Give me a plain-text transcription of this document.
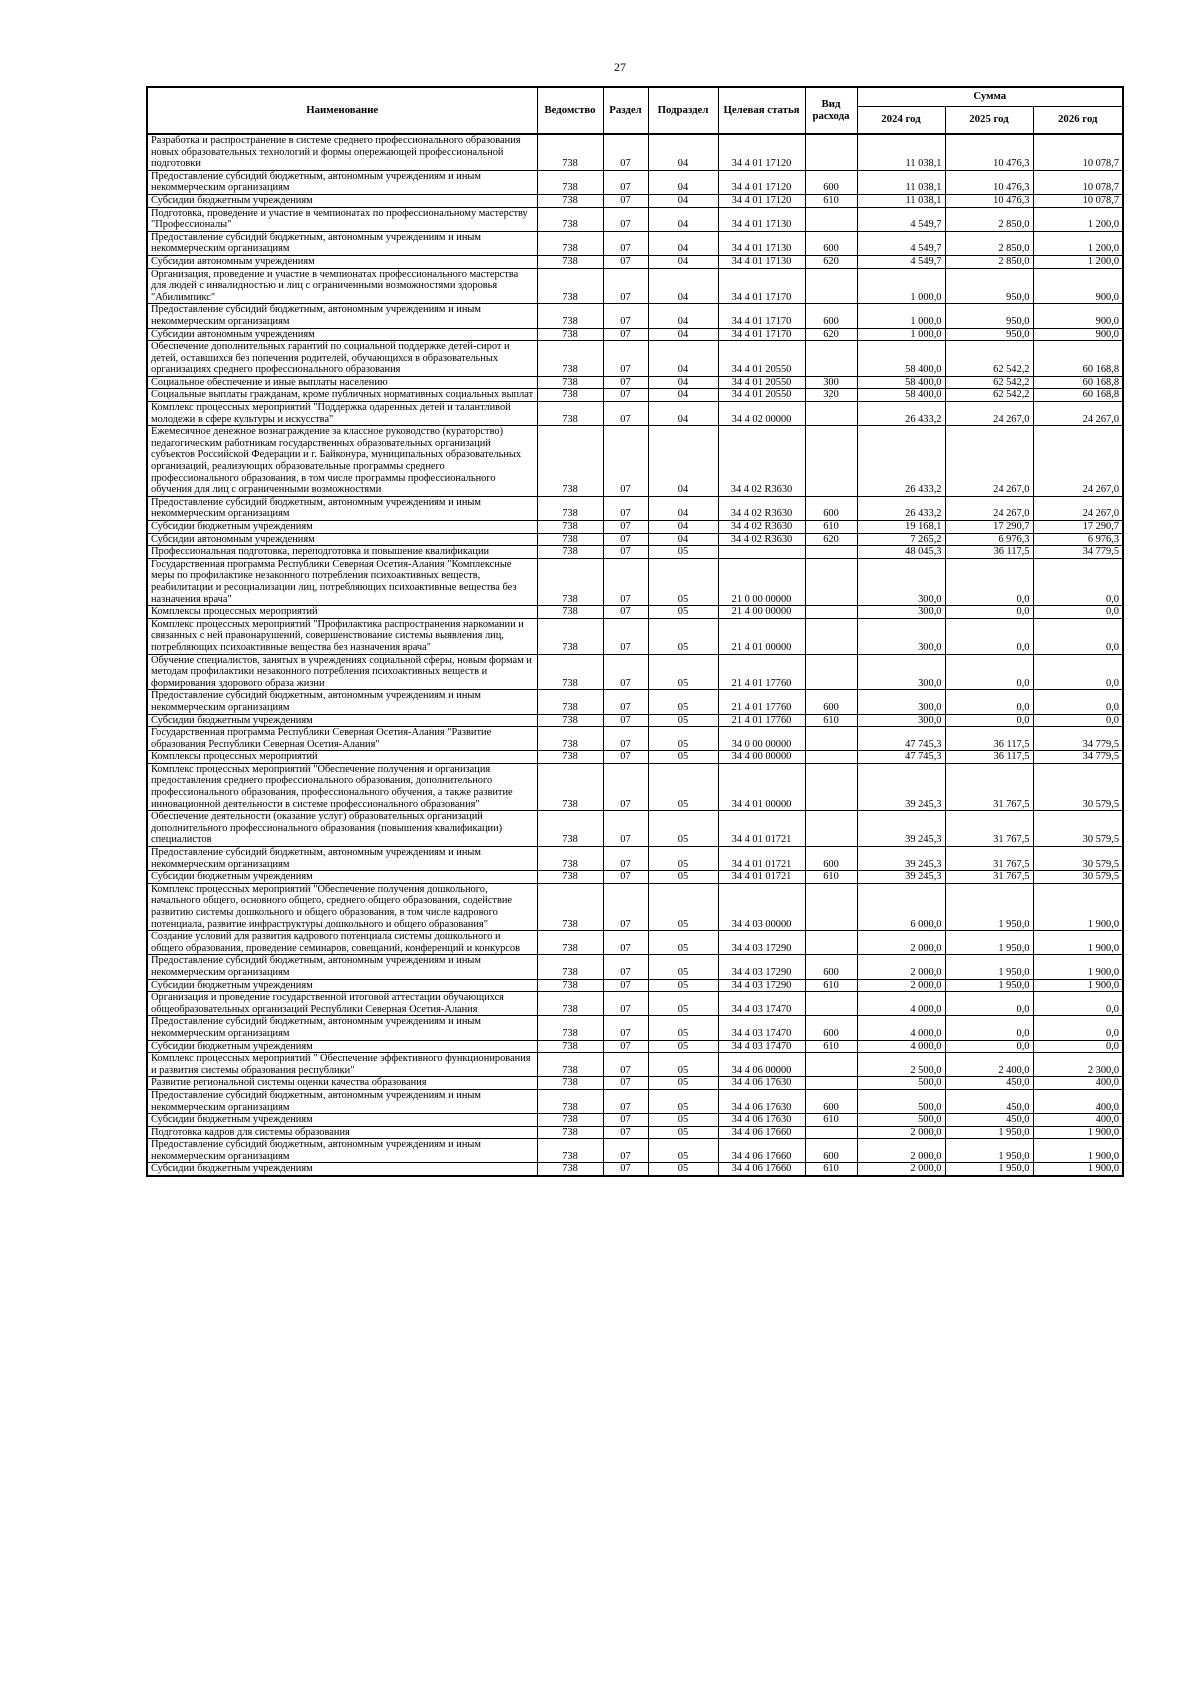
27
Наименование	Ведомство	Раздел	Подраздел	Целевая статья	Вид расхода	Сумма		
						2024 год	2025 год	2026 год
Разработка и распространение в системе среднего профессионального образования новых образовательных технологий и формы опережающей профессиональной подготовки	738	07	04	34 4 01 17120		11 038,1	10 476,3	10 078,7
Предоставление субсидий бюджетным, автономным учреждениям и иным некоммерческим организациям	738	07	04	34 4 01 17120	600	11 038,1	10 476,3	10 078,7
Субсидии бюджетным учреждениям	738	07	04	34 4 01 17120	610	11 038,1	10 476,3	10 078,7
Подготовка, проведение и участие в чемпионатах по профессиональному мастерству "Профессионалы"	738	07	04	34 4 01 17130		4 549,7	2 850,0	1 200,0
Предоставление субсидий бюджетным, автономным учреждениям и иным некоммерческим организациям	738	07	04	34 4 01 17130	600	4 549,7	2 850,0	1 200,0
Субсидии автономным учреждениям	738	07	04	34 4 01 17130	620	4 549,7	2 850,0	1 200,0
Организация, проведение и участие в чемпионатах профессионального мастерства для людей с инвалидностью и лиц с ограниченными возможностями здоровья "Абилимпикс"	738	07	04	34 4 01 17170		1 000,0	950,0	900,0
Предоставление субсидий бюджетным, автономным учреждениям и иным некоммерческим организациям	738	07	04	34 4 01 17170	600	1 000,0	950,0	900,0
Субсидии автономным учреждениям	738	07	04	34 4 01 17170	620	1 000,0	950,0	900,0
Обеспечение дополнительных гарантий по социальной поддержке детей-сирот и детей, оставшихся без попечения родителей, обучающихся в образовательных организациях среднего профессионального образования	738	07	04	34 4 01 20550		58 400,0	62 542,2	60 168,8
Социальное обеспечение и иные выплаты населению	738	07	04	34 4 01 20550	300	58 400,0	62 542,2	60 168,8
Социальные выплаты гражданам, кроме публичных нормативных социальных выплат	738	07	04	34 4 01 20550	320	58 400,0	62 542,2	60 168,8
Комплекс процессных мероприятий "Поддержка одаренных детей и талантливой молодежи в сфере культуры и искусства"	738	07	04	34 4 02 00000		26 433,2	24 267,0	24 267,0
Ежемесячное денежное вознаграждение за классное руководство (кураторство) педагогическим работникам государственных образовательных организаций субъектов Российской Федерации и г. Байконура, муниципальных образовательных организаций, реализующих образовательные программы среднего профессионального образования, в том числе программы профессионального обучения для лиц с ограниченными возможностями	738	07	04	34 4 02 R3630		26 433,2	24 267,0	24 267,0
Предоставление субсидий бюджетным, автономным учреждениям и иным некоммерческим организациям	738	07	04	34 4 02 R3630	600	26 433,2	24 267,0	24 267,0
Субсидии бюджетным учреждениям	738	07	04	34 4 02 R3630	610	19 168,1	17 290,7	17 290,7
Субсидии автономным учреждениям	738	07	04	34 4 02 R3630	620	7 265,2	6 976,3	6 976,3
Профессиональная подготовка, переподготовка и повышение квалификации	738	07	05			48 045,3	36 117,5	34 779,5
Государственная программа Республики Северная Осетия-Алания "Комплексные меры по профилактике незаконного потребления психоактивных веществ, реабилитации и ресоциализации лиц, потребляющих психоактивные вещества без назначения врача"	738	07	05	21 0 00 00000		300,0	0,0	0,0
Комплексы процессных мероприятий	738	07	05	21 4 00 00000		300,0	0,0	0,0
Комплекс процессных мероприятий "Профилактика распространения наркомании и связанных с ней правонарушений, совершенствование системы выявления лиц, потребляющих психоактивные вещества без назначения врача"	738	07	05	21 4 01 00000		300,0	0,0	0,0
Обучение специалистов, занятых в учреждениях социальной сферы, новым формам и методам профилактики незаконного потребления психоактивных веществ и формирования здорового образа жизни	738	07	05	21 4 01 17760		300,0	0,0	0,0
Предоставление субсидий бюджетным, автономным учреждениям и иным некоммерческим организациям	738	07	05	21 4 01 17760	600	300,0	0,0	0,0
Субсидии бюджетным учреждениям	738	07	05	21 4 01 17760	610	300,0	0,0	0,0
Государственная программа Республики Северная Осетия-Алания "Развитие образования Республики Северная Осетия-Алания"	738	07	05	34 0 00 00000		47 745,3	36 117,5	34 779,5
Комплексы процессных мероприятий	738	07	05	34 4 00 00000		47 745,3	36 117,5	34 779,5
Комплекс процессных мероприятий "Обеспечение получения и организация предоставления среднего профессионального образования, дополнительного профессионального образования, профессионального обучения, а также развитие инновационной деятельности в системе профессионального образования"	738	07	05	34 4 01 00000		39 245,3	31 767,5	30 579,5
Обеспечение деятельности (оказание услуг) образовательных организаций дополнительного профессионального образования (повышения квалификации) специалистов	738	07	05	34 4 01 01721		39 245,3	31 767,5	30 579,5
Предоставление субсидий бюджетным, автономным учреждениям и иным некоммерческим организациям	738	07	05	34 4 01 01721	600	39 245,3	31 767,5	30 579,5
Субсидии бюджетным учреждениям	738	07	05	34 4 01 01721	610	39 245,3	31 767,5	30 579,5
Комплекс процессных мероприятий "Обеспечение получения дошкольного, начального общего, основного общего, среднего общего образования, содействие развитию системы дошкольного и общего образования, в том числе кадрового потенциала, развитие инфраструктуры дошкольного и общего образования"	738	07	05	34 4 03 00000		6 000,0	1 950,0	1 900,0
Создание условий для развития кадрового потенциала системы дошкольного и общего образования, проведение семинаров, совещаний, конференций и конкурсов	738	07	05	34 4 03 17290		2 000,0	1 950,0	1 900,0
Предоставление субсидий бюджетным, автономным учреждениям и иным некоммерческим организациям	738	07	05	34 4 03 17290	600	2 000,0	1 950,0	1 900,0
Субсидии бюджетным учреждениям	738	07	05	34 4 03 17290	610	2 000,0	1 950,0	1 900,0
Организация и проведение государственной итоговой аттестации обучающихся общеобразовательных организаций Республики Северная Осетия-Алания	738	07	05	34 4 03 17470		4 000,0	0,0	0,0
Предоставление субсидий бюджетным, автономным учреждениям и иным некоммерческим организациям	738	07	05	34 4 03 17470	600	4 000,0	0,0	0,0
Субсидии бюджетным учреждениям	738	07	05	34 4 03 17470	610	4 000,0	0,0	0,0
Комплекс процессных мероприятий " Обеспечение эффективного функционирования и развития системы образования республики"	738	07	05	34 4 06 00000		2 500,0	2 400,0	2 300,0
Развитие региональной системы оценки качества образования	738	07	05	34 4 06 17630		500,0	450,0	400,0
Предоставление субсидий бюджетным, автономным учреждениям и иным некоммерческим организациям	738	07	05	34 4 06 17630	600	500,0	450,0	400,0
Субсидии бюджетным учреждениям	738	07	05	34 4 06 17630	610	500,0	450,0	400,0
Подготовка кадров для системы образования	738	07	05	34 4 06 17660		2 000,0	1 950,0	1 900,0
Предоставление субсидий бюджетным, автономным учреждениям и иным некоммерческим организациям	738	07	05	34 4 06 17660	600	2 000,0	1 950,0	1 900,0
Субсидии бюджетным учреждениям	738	07	05	34 4 06 17660	610	2 000,0	1 950,0	1 900,0
